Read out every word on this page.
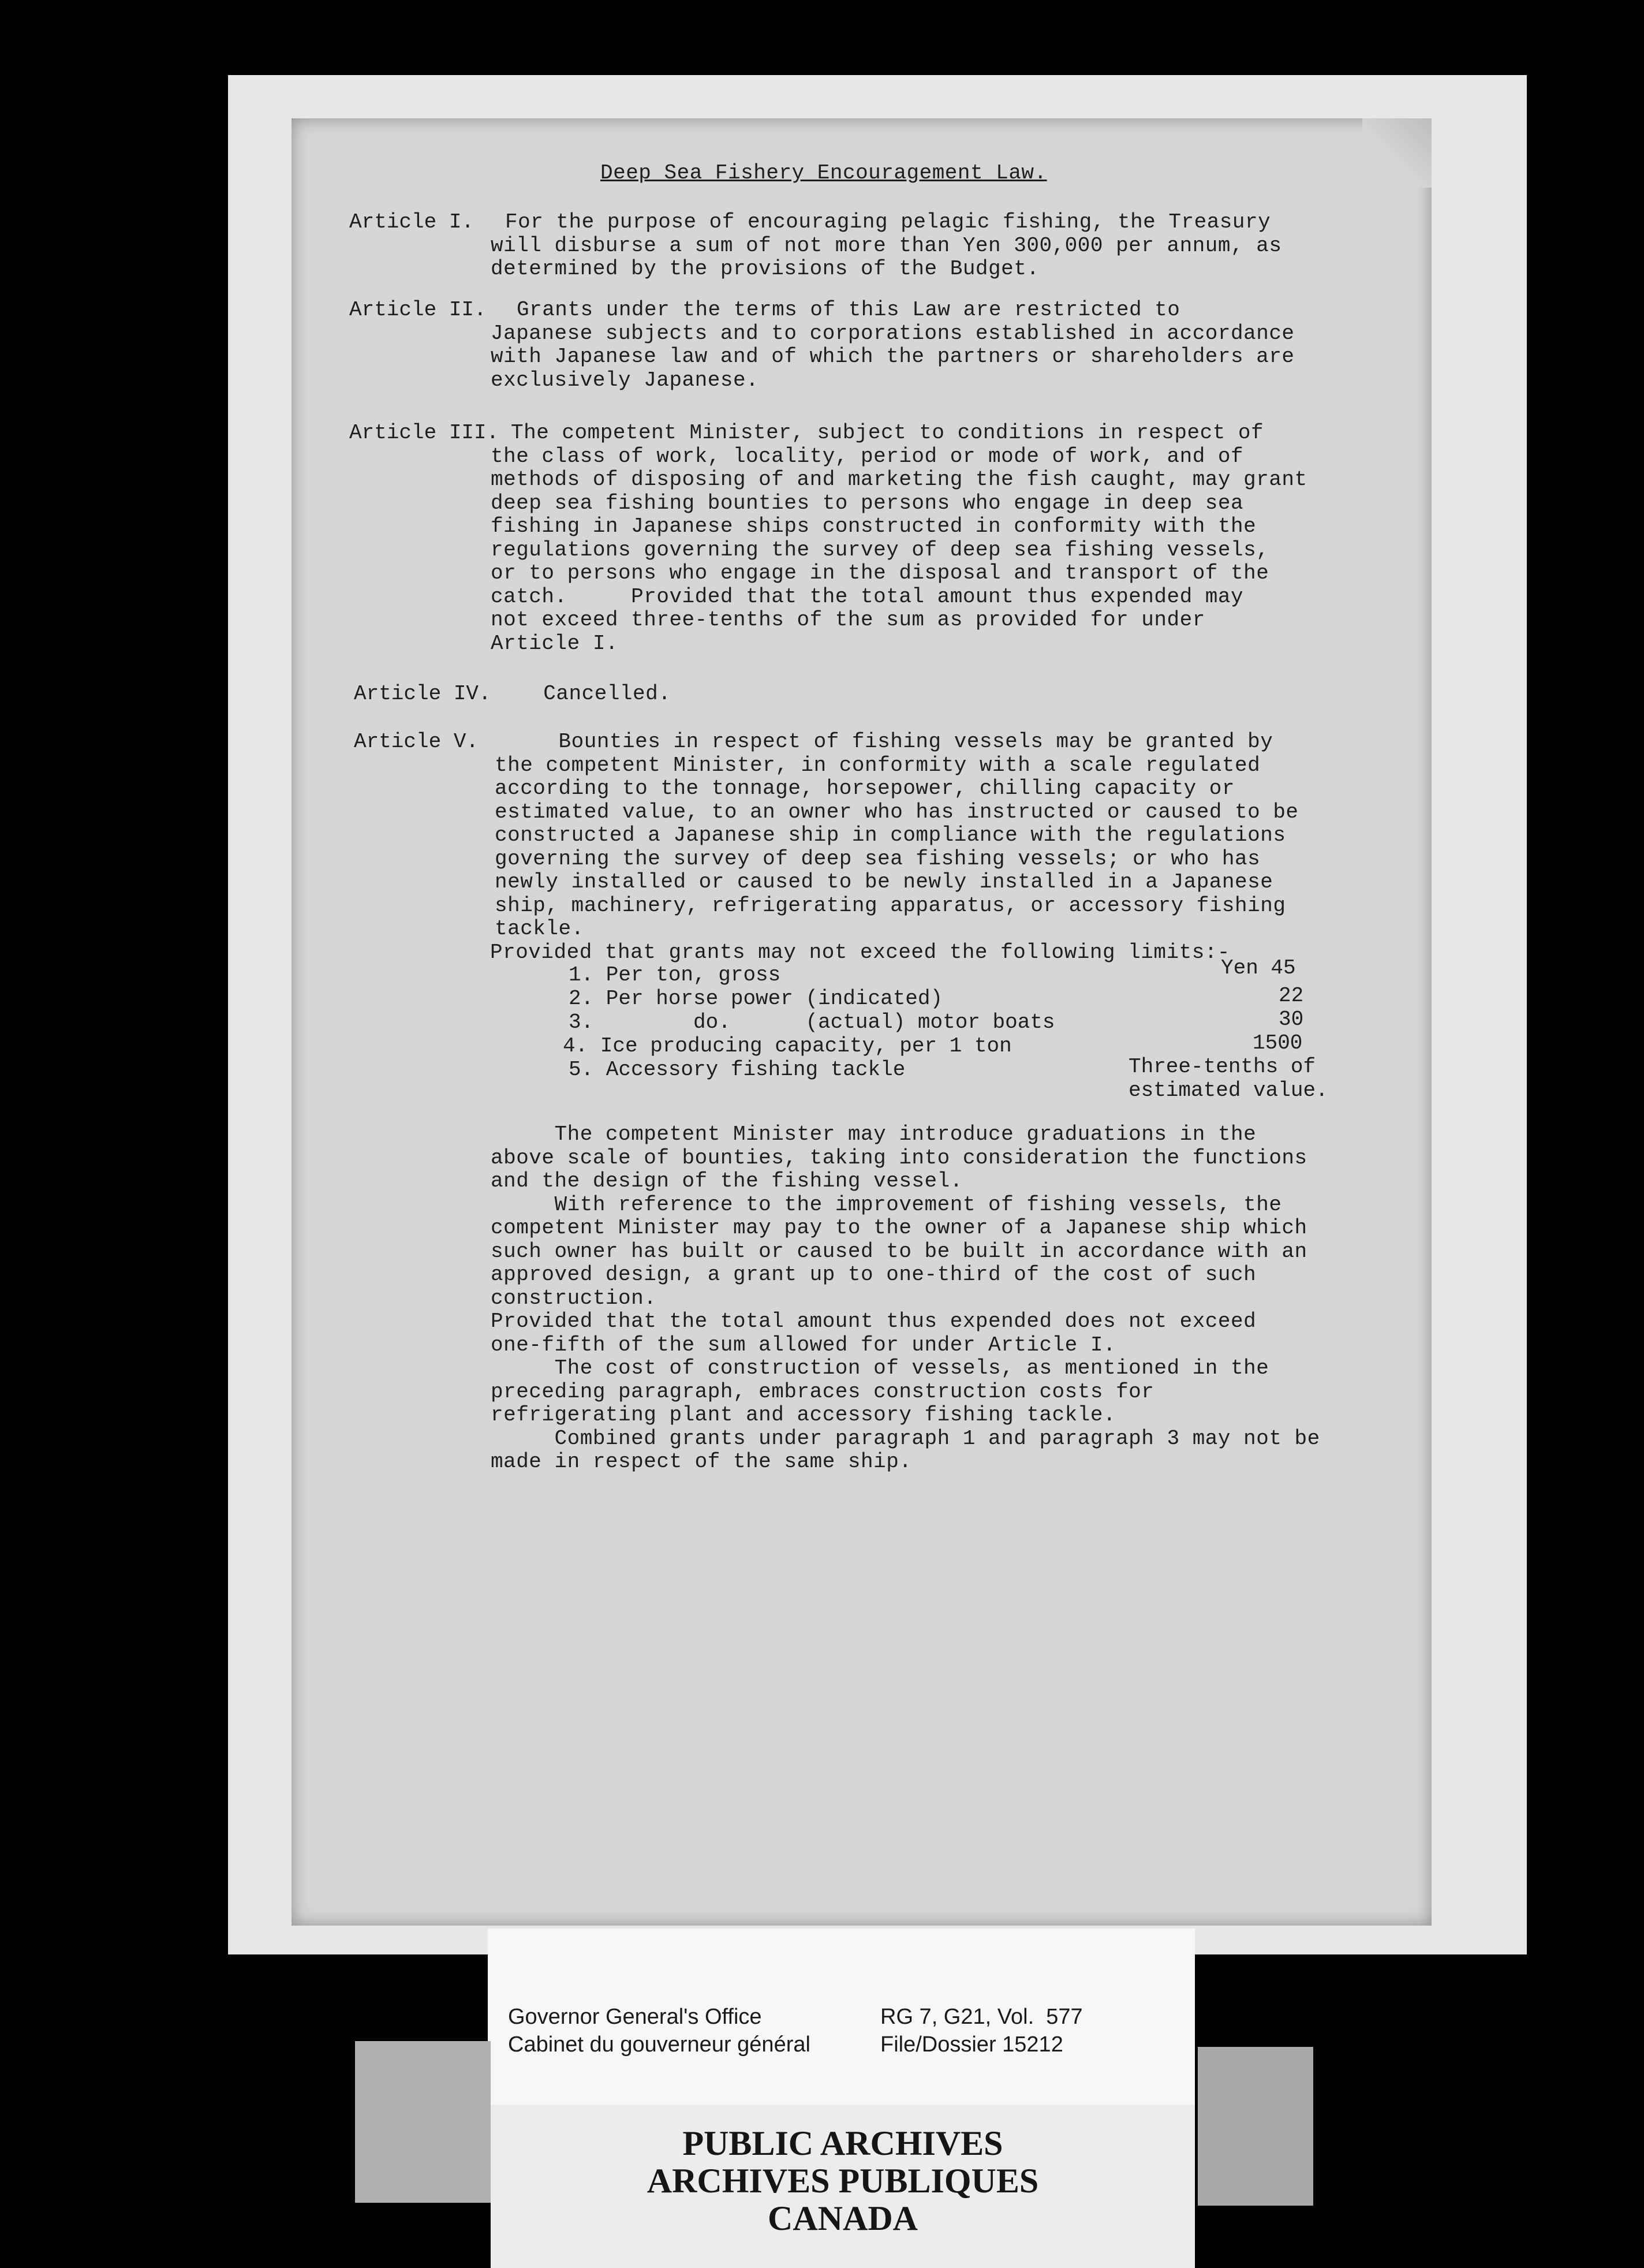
Deep Sea Fishery Encouragement Law.
Article I. For the purpose of encouraging pelagic fishing, the Treasury
will disburse a sum of not more than Yen 300,000 per annum, as
determined by the provisions of the Budget.
Article II. Grants under the terms of this Law are restricted to
Japanese subjects and to corporations established in accordance
with Japanese law and of which the partners or shareholders are
exclusively Japanese.
Article III. The competent Minister, subject to conditions in respect of
the class of work, locality, period or mode of work, and of
methods of disposing of and marketing the fish caught, may grant
deep sea fishing bounties to persons who engage in deep sea
fishing in Japanese ships constructed in conformity with the
regulations governing the survey of deep sea fishing vessels,
or to persons who engage in the disposal and transport of the
catch.     Provided that the total amount thus expended may
not exceed three-tenths of the sum as provided for under
Article I.
Article IV. Cancelled.
Article V. Bounties in respect of fishing vessels may be granted by
the competent Minister, in conformity with a scale regulated
according to the tonnage, horsepower, chilling capacity or
estimated value, to an owner who has instructed or caused to be
constructed a Japanese ship in compliance with the regulations
governing the survey of deep sea fishing vessels; or who has
newly installed or caused to be newly installed in a Japanese
ship, machinery, refrigerating apparatus, or accessory fishing
tackle.
Provided that grants may not exceed the following limits:-
1. Per ton, gross	Yen 45
2. Per horse power (indicated)	22
3.        do.      (actual) motor boats	30
4. Ice producing capacity, per 1 ton	1500
5. Accessory fishing tackle	Three-tenths of
estimated value.
The competent Minister may introduce graduations in the
above scale of bounties, taking into consideration the functions
and the design of the fishing vessel.
With reference to the improvement of fishing vessels, the
competent Minister may pay to the owner of a Japanese ship which
such owner has built or caused to be built in accordance with an
approved design, a grant up to one-third of the cost of such
construction.
Provided that the total amount thus expended does not exceed
one-fifth of the sum allowed for under Article I.
The cost of construction of vessels, as mentioned in the
preceding paragraph, embraces construction costs for
refrigerating plant and accessory fishing tackle.
Combined grants under paragraph 1 and paragraph 3 may not be
made in respect of the same ship.
Governor General's Office
Cabinet du gouverneur général
RG 7, G21, Vol.  577
File/Dossier 15212
PUBLIC ARCHIVES
ARCHIVES PUBLIQUES
CANADA
